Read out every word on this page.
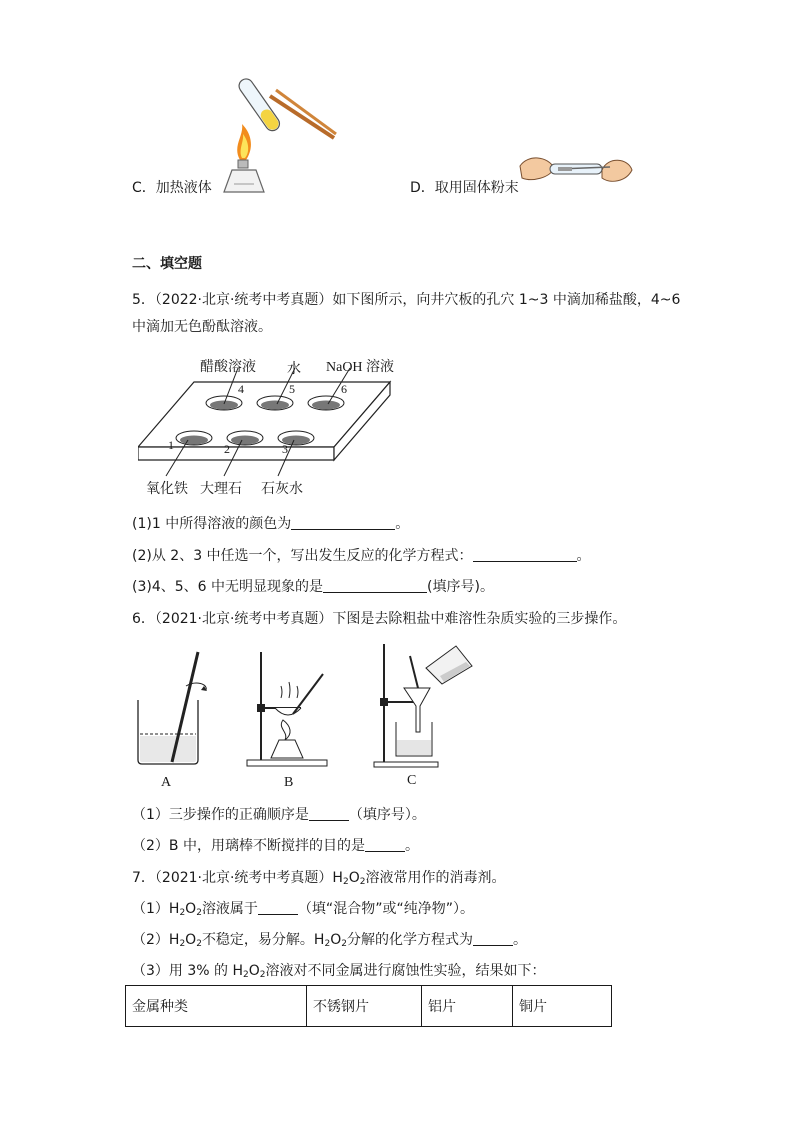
C．加热液体	D．取用固体粉末
二、填空题
5．（2022·北京·统考中考真题）如下图所示，向井穴板的孔穴 1~3 中滴加稀盐酸，4~6
中滴加无色酚酞溶液。
醋酸溶液 水 NaOH 溶液
4	5	6
1	2	3
氧化铁 大理石 石灰水
(1)1 中所得溶液的颜色为	。
(2)从 2、3 中任选一个，写出发生反应的化学方程式：	。
(3)4、5、6 中无明显现象的是	(填序号)。
6．（2021·北京·统考中考真题）下图是去除粗盐中难溶性杂质实验的三步操作。
A	B	C
（1）三步操作的正确顺序是	（填序号）。
（2）B 中，用璃棒不断搅拌的目的是	。
7．（2021·北京·统考中考真题）$H_2O_2$溶液常用作的消毒剂。
$(1)H_2O_2$溶液属于	（填“混合物”或“纯净物”）。
$(2)H_2O_2$不稳定，易分解。$H_2O_2$分解的化学方程式为	。
（3）用 3% 的 $H_2O_2$溶液对不同金属进行腐蚀性实验，结果如下：
金属种类	不锈钢片	铝片	铜片
